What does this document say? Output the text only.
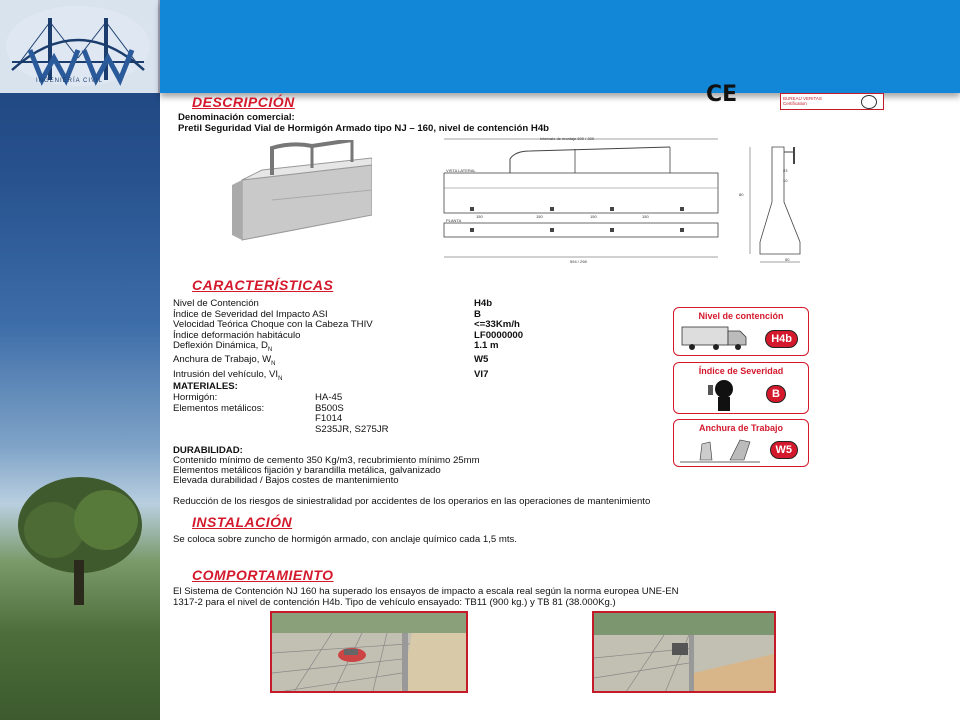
INGENIERÍA CIVIL
CE	BUREAU VERITAS Certification
DESCRIPCIÓN
Denominación comercial:
Pretil Seguridad Vial de Hormigón Armado tipo NJ – 160, nivel de contención H4b
Intervalo de montaje 600 / 300
VISTA LATERAL
PLANTA
150	150	150	150
594 / 298
80
23
10
50
CARACTERÍSTICAS
Nivel de Contención	H4b
Índice de Severidad del Impacto ASI	B
Velocidad Teórica Choque con la Cabeza THIV	<=33Km/h
Índice deformación habitáculo	LF0000000
Deflexión Dinámica, $D_N$	1.1 m
Anchura de Trabajo, $W_N$	W5
Intrusión del vehículo, $VI_N$	VI7
MATERIALES:
Hormigón:	HA-45
Elementos metálicos:	B500S
F1014
S235JR, S275JR
DURABILIDAD:
Contenido mínimo de cemento 350 Kg/m3, recubrimiento mínimo 25mm
Elementos metálicos fijación y barandilla metálica, galvanizado
Elevada durabilidad / Bajos costes de mantenimiento
Reducción de los riesgos de siniestralidad por accidentes de los operarios en las operaciones de mantenimiento
INSTALACIÓN
Se coloca sobre zuncho de hormigón armado, con anclaje químico cada 1,5 mts.
COMPORTAMIENTO
El Sistema de Contención NJ 160 ha superado los ensayos de impacto a escala real según la norma europea UNE-EN
1317-2 para el nivel de contención H4b. Tipo de vehículo ensayado: TB11 (900 kg.) y TB 81 (38.000Kg.)
Nivel de contención
H4b
Índice de Severidad
B
Anchura de Trabajo
W5
